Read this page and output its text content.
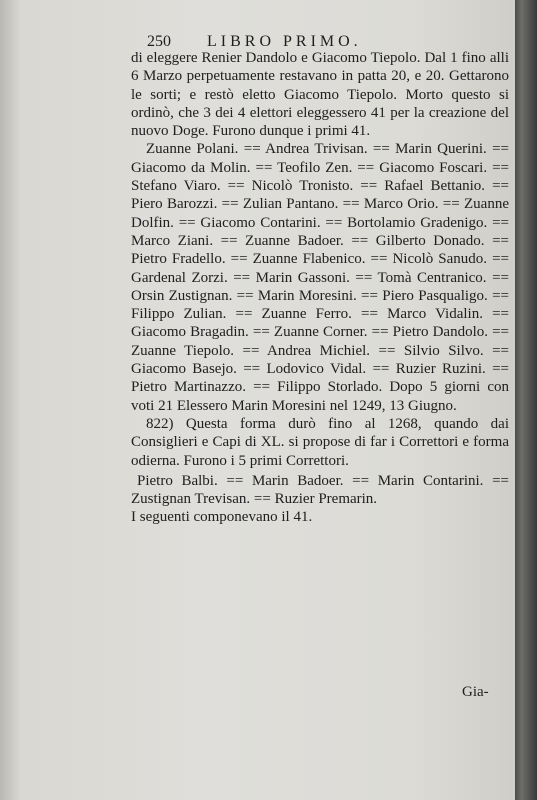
250 LIBRO PRIMO.

di eleggere Renier Dandolo e Giacomo Tiepolo. Dal 1 fino alli 6 Marzo perpetuamente restavano in patta 20, e 20. Gettarono le sorti; e restò eletto Giacomo Tiepolo. Morto questo si ordinò, che 3 dei 4 elettori eleggessero 41 per la creazione del nuovo Doge. Furono dunque i primi 41.

Zuanne Polani. == Andrea Trivisan. == Marin Querini. == Giacomo da Molin. == Teofilo Zen. == Giacomo Foscari. == Stefano Viaro. == Nicolò Tronisto. == Rafael Bettanio. == Piero Barozzi. == Zulian Pantano. == Marco Orio. == Zuanne Dolfin. == Giacomo Contarini. == Bortolamio Gradenigo. == Marco Ziani. == Zuanne Badoer. == Gilberto Donado. == Pietro Fradello. == Zuanne Flabenico. == Nicolò Sanudo. == Gardenal Zorzi. == Marin Gassoni. == Tomà Centranico. == Orsin Zustignan. == Marin Moresini. == Piero Pasqualigo. == Filippo Zulian. == Zuanne Ferro. == Marco Vidalin. == Giacomo Bragadin. == Zuanne Corner. == Pietro Dandolo. == Zuanne Tiepolo. == Andrea Michiel. == Silvio Silvo. == Giacomo Basejo. == Lodovico Vidal. == Ruzier Ruzini. == Pietro Martinazzo. == Filippo Storlado. Dopo 5 giorni con voti 21 Elessero Marin Moresini nel 1249, 13 Giugno.

822) Questa forma durò fino al 1268, quando dai Consiglieri e Capi di XL. si propose di far i Correttori e forma odierna. Furono i 5 primi Correttori.

Pietro Balbi. == Marin Badoer. == Marin Contarini. == Zustignan Trevisan. == Ruzier Premarin.

I seguenti componevano il 41.

Gia-
